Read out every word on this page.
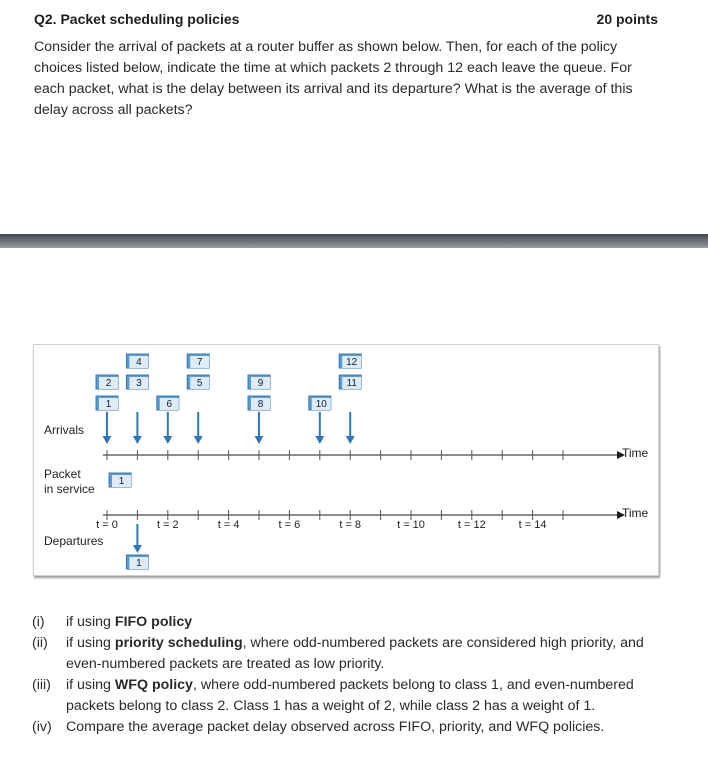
Q2. Packet scheduling policies	20 points

Consider the arrival of packets at a router buffer as shown below. Then, for each of the policy choices listed below, indicate the time at which packets 2 through 12 each leave the queue. For each packet, what is the delay between its arrival and its departure? What is the average of this delay across all packets?

Arrivals
Packet
in service
Departures
Time
Time
t = 0	t = 2	t = 4	t = 6	t = 8	t = 10	t = 12	t = 14
1
2 3
4
6
5
7
8
9
10
11
12
1
1
(i)	if using FIFO policy
(ii)	if using priority scheduling, where odd-numbered packets are considered high priority, and even-numbered packets are treated as low priority.
(iii)	if using WFQ policy, where odd-numbered packets belong to class 1, and even-numbered packets belong to class 2. Class 1 has a weight of 2, while class 2 has a weight of 1.
(iv)	Compare the average packet delay observed across FIFO, priority, and WFQ policies.
